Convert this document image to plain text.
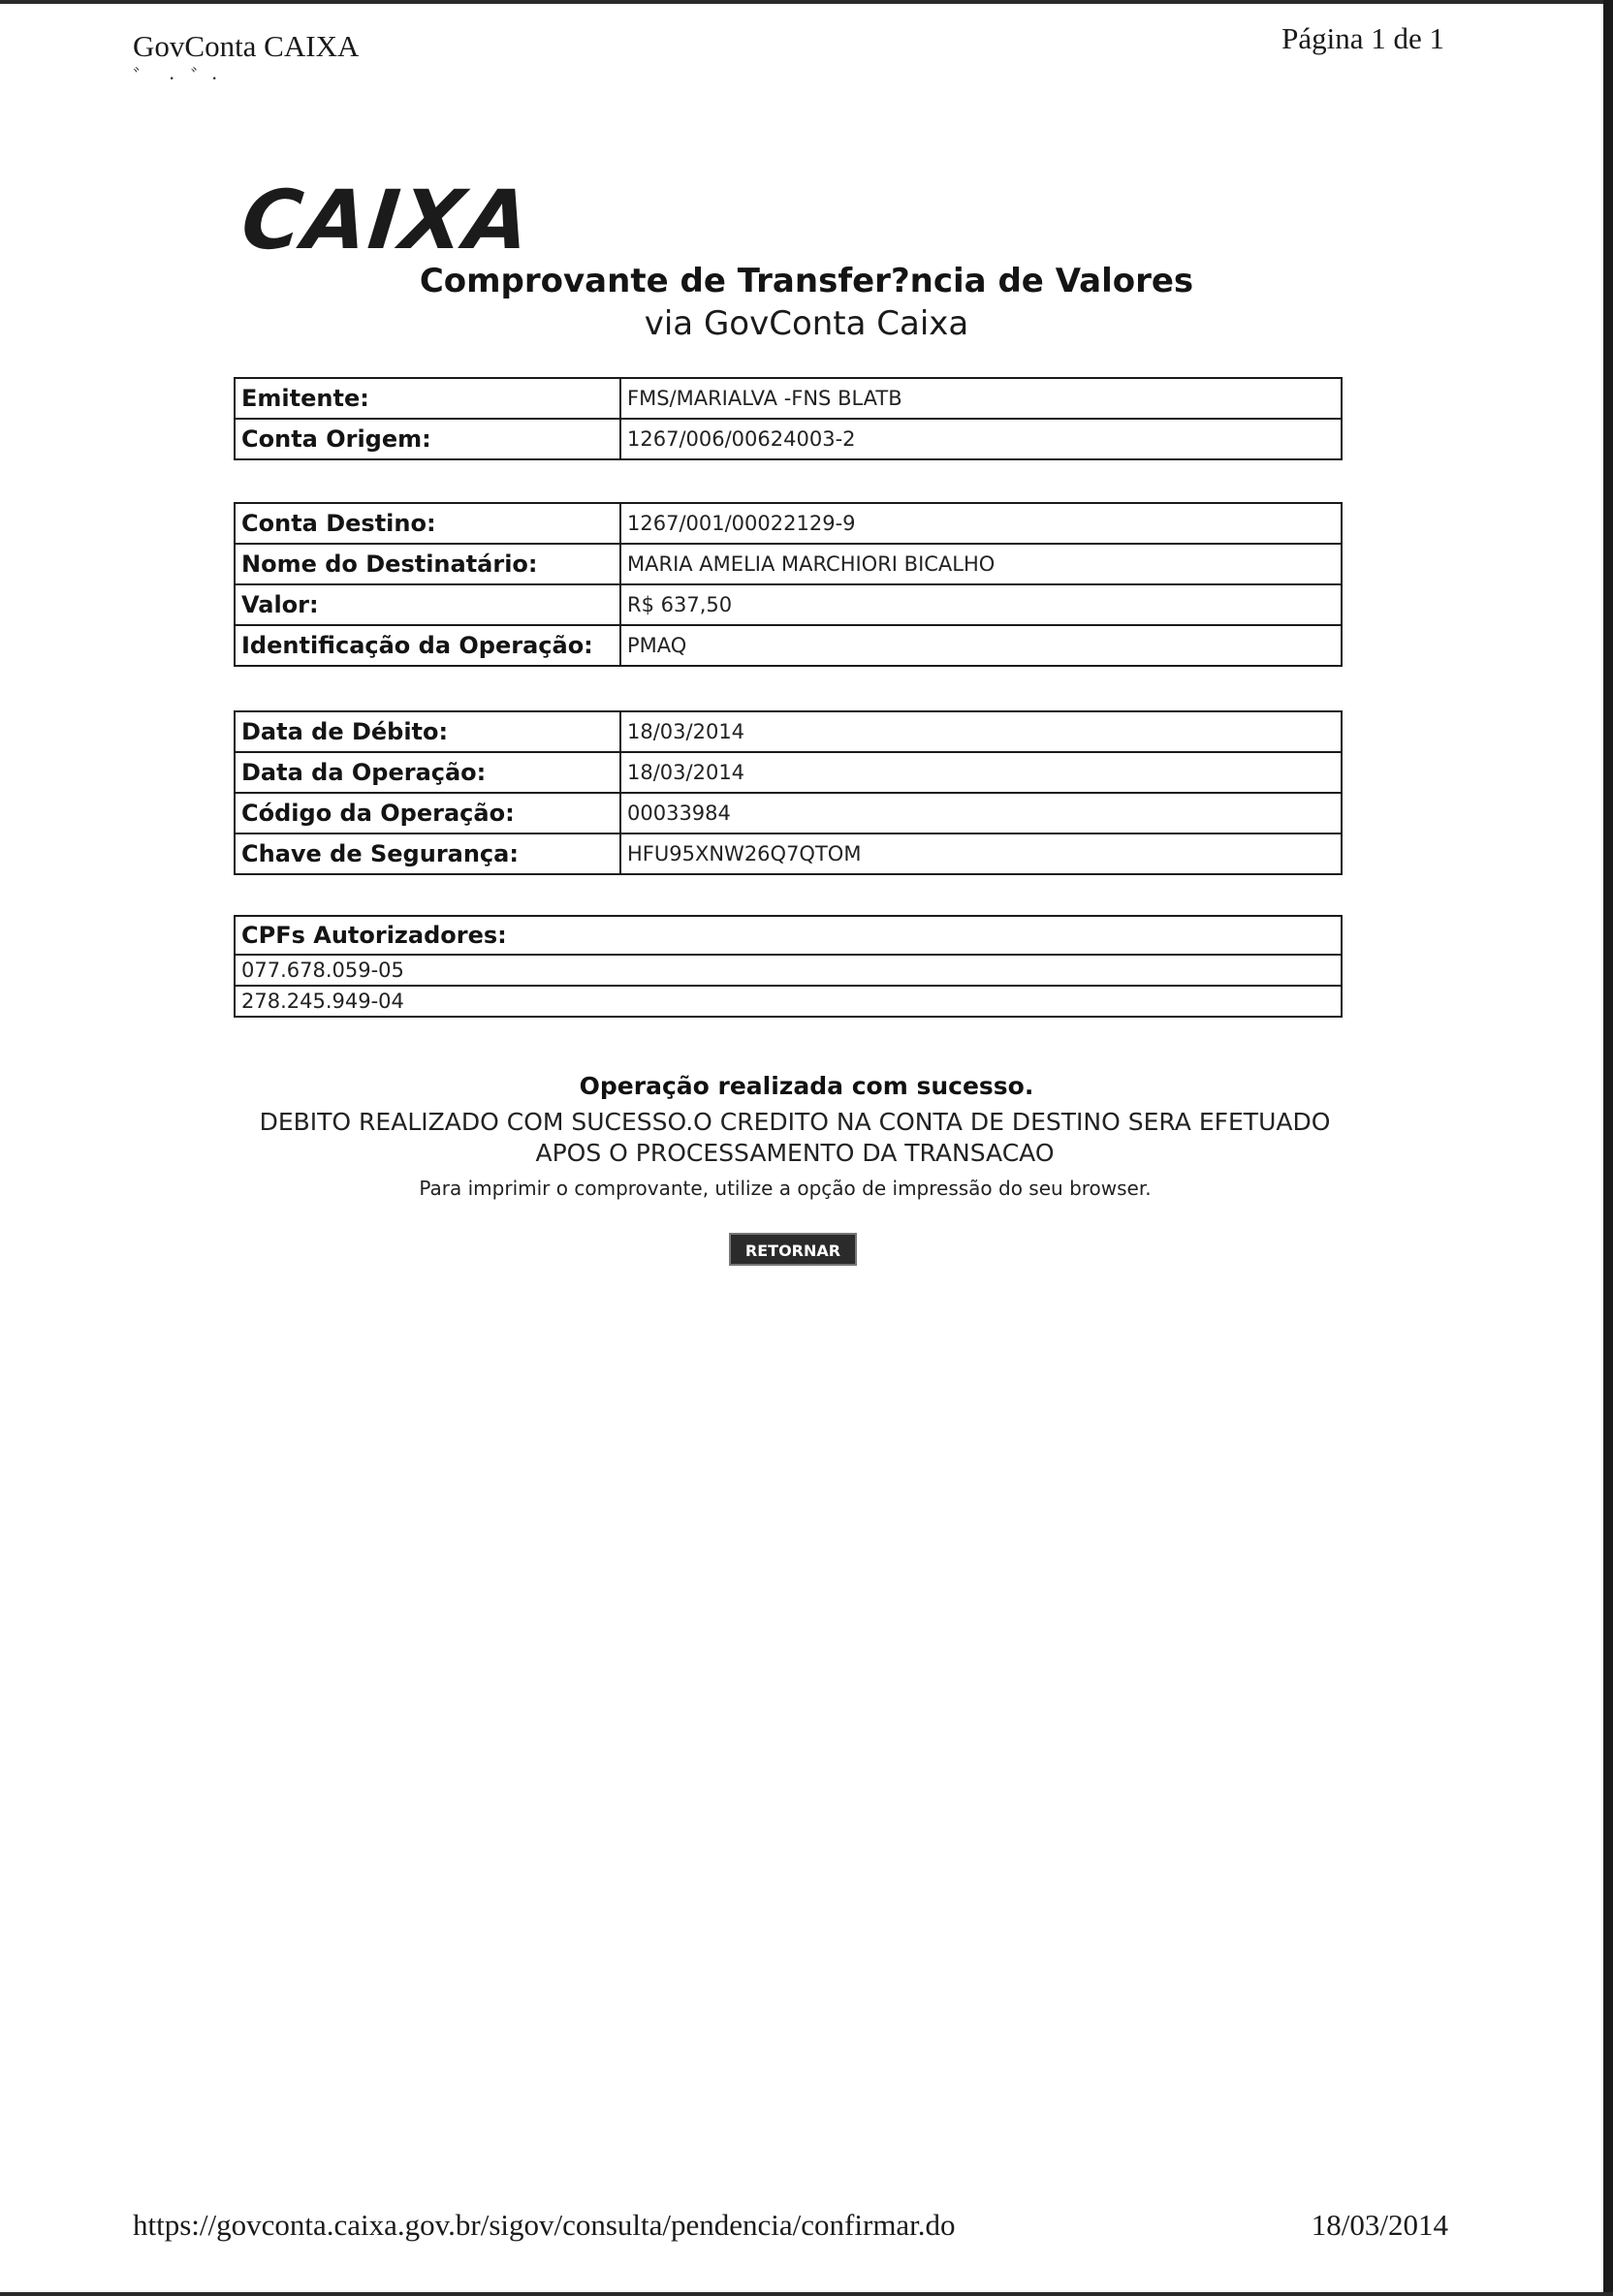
GovConta CAIXA	Página 1 de 1
ﾞ · ﾞ·
CAIXA
Comprovante de Transfer?ncia de Valores
via GovConta Caixa
Emitente:	FMS/MARIALVA -FNS BLATB
Conta Origem:	1267/006/00624003-2
Conta Destino:	1267/001/00022129-9
Nome do Destinatário:	MARIA AMELIA MARCHIORI BICALHO
Valor:	R$ 637,50
Identificação da Operação:	PMAQ
Data de Débito:	18/03/2014
Data da Operação:	18/03/2014
Código da Operação:	00033984
Chave de Segurança:	HFU95XNW26Q7QTOM
CPFs Autorizadores:
077.678.059-05
278.245.949-04
Operação realizada com sucesso.
DEBITO REALIZADO COM SUCESSO.O CREDITO NA CONTA DE DESTINO SERA EFETUADO
APOS O PROCESSAMENTO DA TRANSACAO
Para imprimir o comprovante, utilize a opção de impressão do seu browser.
RETORNAR
https://govconta.caixa.gov.br/sigov/consulta/pendencia/confirmar.do	18/03/2014
